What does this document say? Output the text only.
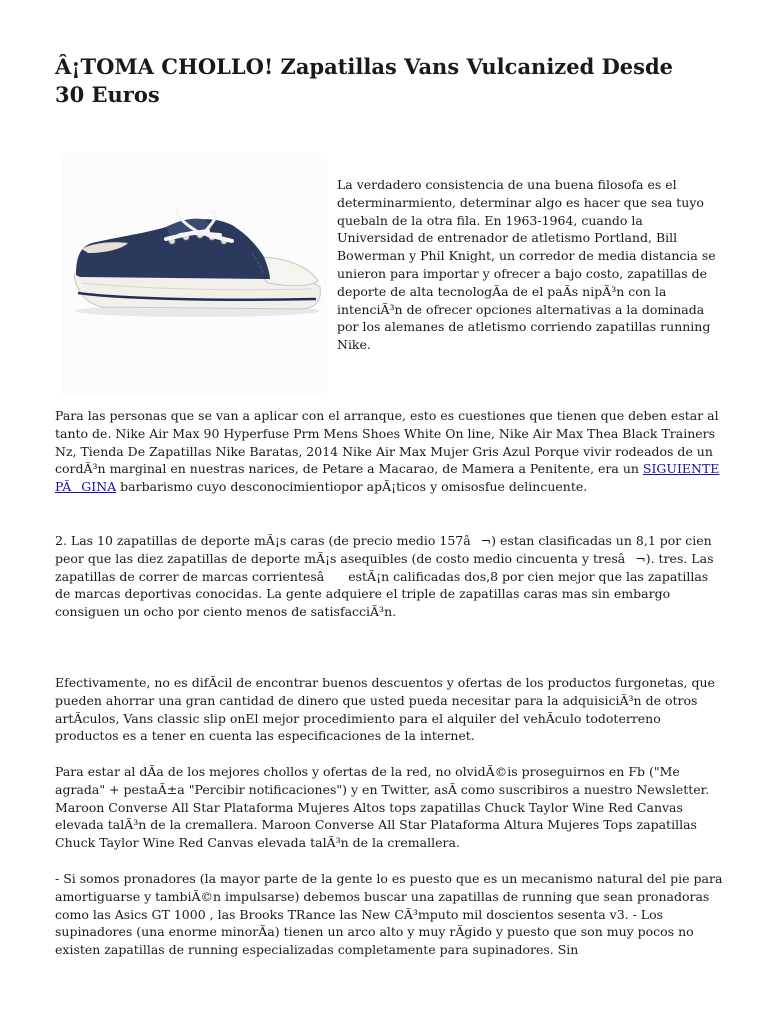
Â¡TOMA CHOLLO! Zapatillas Vans Vulcanized Desde 30 Euros

La verdadero consistencia de una buena filosofa es el determinarmiento, determinar algo es hacer que sea tuyo quebaln de la otra fila. En 1963-1964, cuando la Universidad de entrenador de atletismo Portland, Bill Bowerman y Phil Knight, un corredor de media distancia se unieron para importar y ofrecer a bajo costo, zapatillas de deporte de alta tecnologÃa de el paÃs nipÃ³n con la intenciÃ³n de ofrecer opciones alternativas a la dominada por los alemanes de atletismo corriendo zapatillas running Nike.

Para las personas que se van a aplicar con el arranque, esto es cuestiones que tienen que deben estar al tanto de. Nike Air Max 90 Hyperfuse Prm Mens Shoes White On line, Nike Air Max Thea Black Trainers Nz, Tienda De Zapatillas Nike Baratas, 2014 Nike Air Max Mujer Gris Azul Porque vivir rodeados de un cordÃ³n marginal en nuestras narices, de Petare a Macarao, de Mamera a Penitente, era un SIGUIENTE PÃGINA barbarismo cuyo desconocimientiopor apÃ¡ticos y omisosfue delincuente.

2. Las 10 zapatillas de deporte mÃ¡s caras (de precio medio 157â¬) estan clasificadas un 8,1 por cien peor que las diez zapatillas de deporte mÃ¡s asequibles (de costo medio cincuenta y tresâ¬). tres. Las zapatillas de correr de marcas corrientesâ estÃ¡n calificadas dos,8 por cien mejor que las zapatillas de marcas deportivas conocidas. La gente adquiere el triple de zapatillas caras mas sin embargo consiguen un ocho por ciento menos de satisfacciÃ³n.

Efectivamente, no es difÃcil de encontrar buenos descuentos y ofertas de los productos furgonetas, que pueden ahorrar una gran cantidad de dinero que usted pueda necesitar para la adquisiciÃ³n de otros artÃculos, Vans classic slip onEl mejor procedimiento para el alquiler del vehÃculo todoterreno productos es a tener en cuenta las especificaciones de la internet.

Para estar al dÃa de los mejores chollos y ofertas de la red, no olvidÃ©is proseguirnos en Fb ("Me agrada" + pestaÃ±a "Percibir notificaciones") y en Twitter, asÃ como suscribiros a nuestro Newsletter. Maroon Converse All Star Plataforma Mujeres Altos tops zapatillas Chuck Taylor Wine Red Canvas elevada talÃ³n de la cremallera. Maroon Converse All Star Plataforma Altura Mujeres Tops zapatillas Chuck Taylor Wine Red Canvas elevada talÃ³n de la cremallera.

- Si somos pronadores (la mayor parte de la gente lo es puesto que es un mecanismo natural del pie para amortiguarse y tambiÃ©n impulsarse) debemos buscar una zapatillas de running que sean pronadoras como las Asics GT 1000 , las Brooks TRance las New CÃ³mputo mil doscientos sesenta v3. - Los supinadores (una enorme minorÃa) tienen un arco alto y muy rÃgido y puesto que son muy pocos no existen zapatillas de running especializadas completamente para supinadores. Sin
